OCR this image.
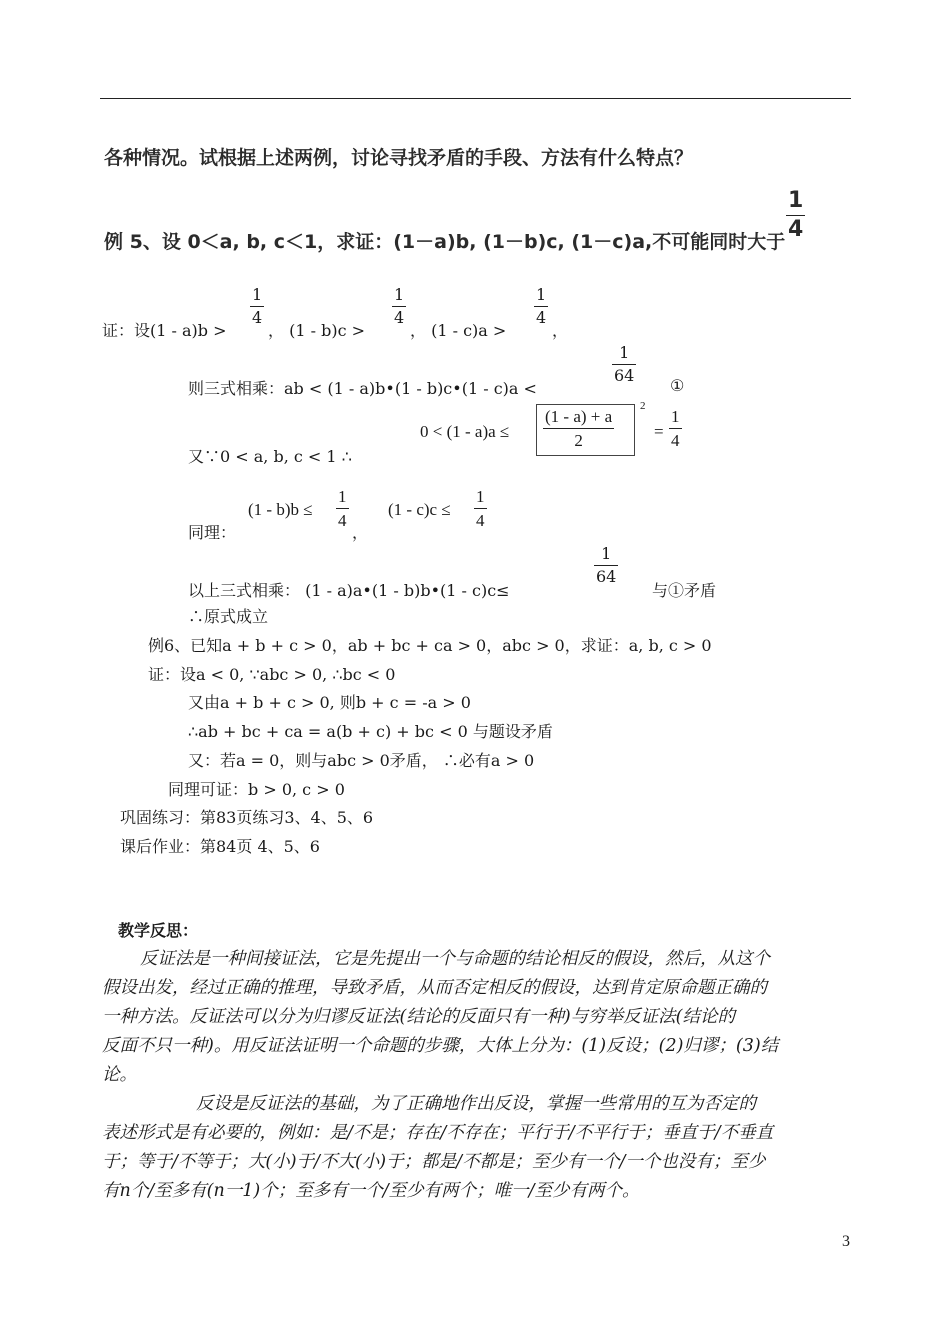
各种情况。试根据上述两例，讨论寻找矛盾的手段、方法有什么特点？
例 5、设 0＜a, b, c＜1，求证：(1－a)b, (1－b)c, (1－c)a,不可能同时大于
1
4
证：设(1 - a)b >
1
4
， (1 - b)c >
1
4
， (1 - c)a >
1
4
，
则三式相乘：ab < (1 - a)b•(1 - b)c•(1 - c)a <
1
64
①
又∵0 < a, b, c < 1 ∴
0 < (1 - a)a ≤
(1 - a) + a
2
2
=
1
4
同理：
(1 - b)b ≤
1
4
，
(1 - c)c ≤
1
4
以上三式相乘： (1 - a)a•(1 - b)b•(1 - c)c≤
1
64
与①矛盾
∴原式成立
例6、已知a + b + c > 0，ab + bc + ca > 0，abc > 0，求证：a, b, c > 0
证：设a < 0, ∵abc > 0, ∴bc < 0
又由a + b + c > 0, 则b + c = -a > 0
∴ab + bc + ca = a(b + c) + bc < 0 与题设矛盾
又：若a = 0，则与abc > 0矛盾， ∴必有a > 0
同理可证：b > 0, c > 0
巩固练习：第83页练习3、4、5、6
课后作业：第84页 4、5、6
教学反思：
反证法是一种间接证法，它是先提出一个与命题的结论相反的假设，然后，从这个
假设出发，经过正确的推理，导致矛盾，从而否定相反的假设，达到肯定原命题正确的
一种方法。反证法可以分为归谬反证法(结论的反面只有一种)与穷举反证法(结论的
反面不只一种)。用反证法证明一个命题的步骤，大体上分为：(1)反设；(2)归谬；(3)结
论。
反设是反证法的基础，为了正确地作出反设，掌握一些常用的互为否定的
表述形式是有必要的，例如：是/不是；存在/不存在；平行于/不平行于；垂直于/不垂直
于；等于/不等于；大(小)于/不大(小)于；都是/不都是；至少有一个/一个也没有；至少
有n个/至多有(n一1)个；至多有一个/至少有两个；唯一/至少有两个。
3
